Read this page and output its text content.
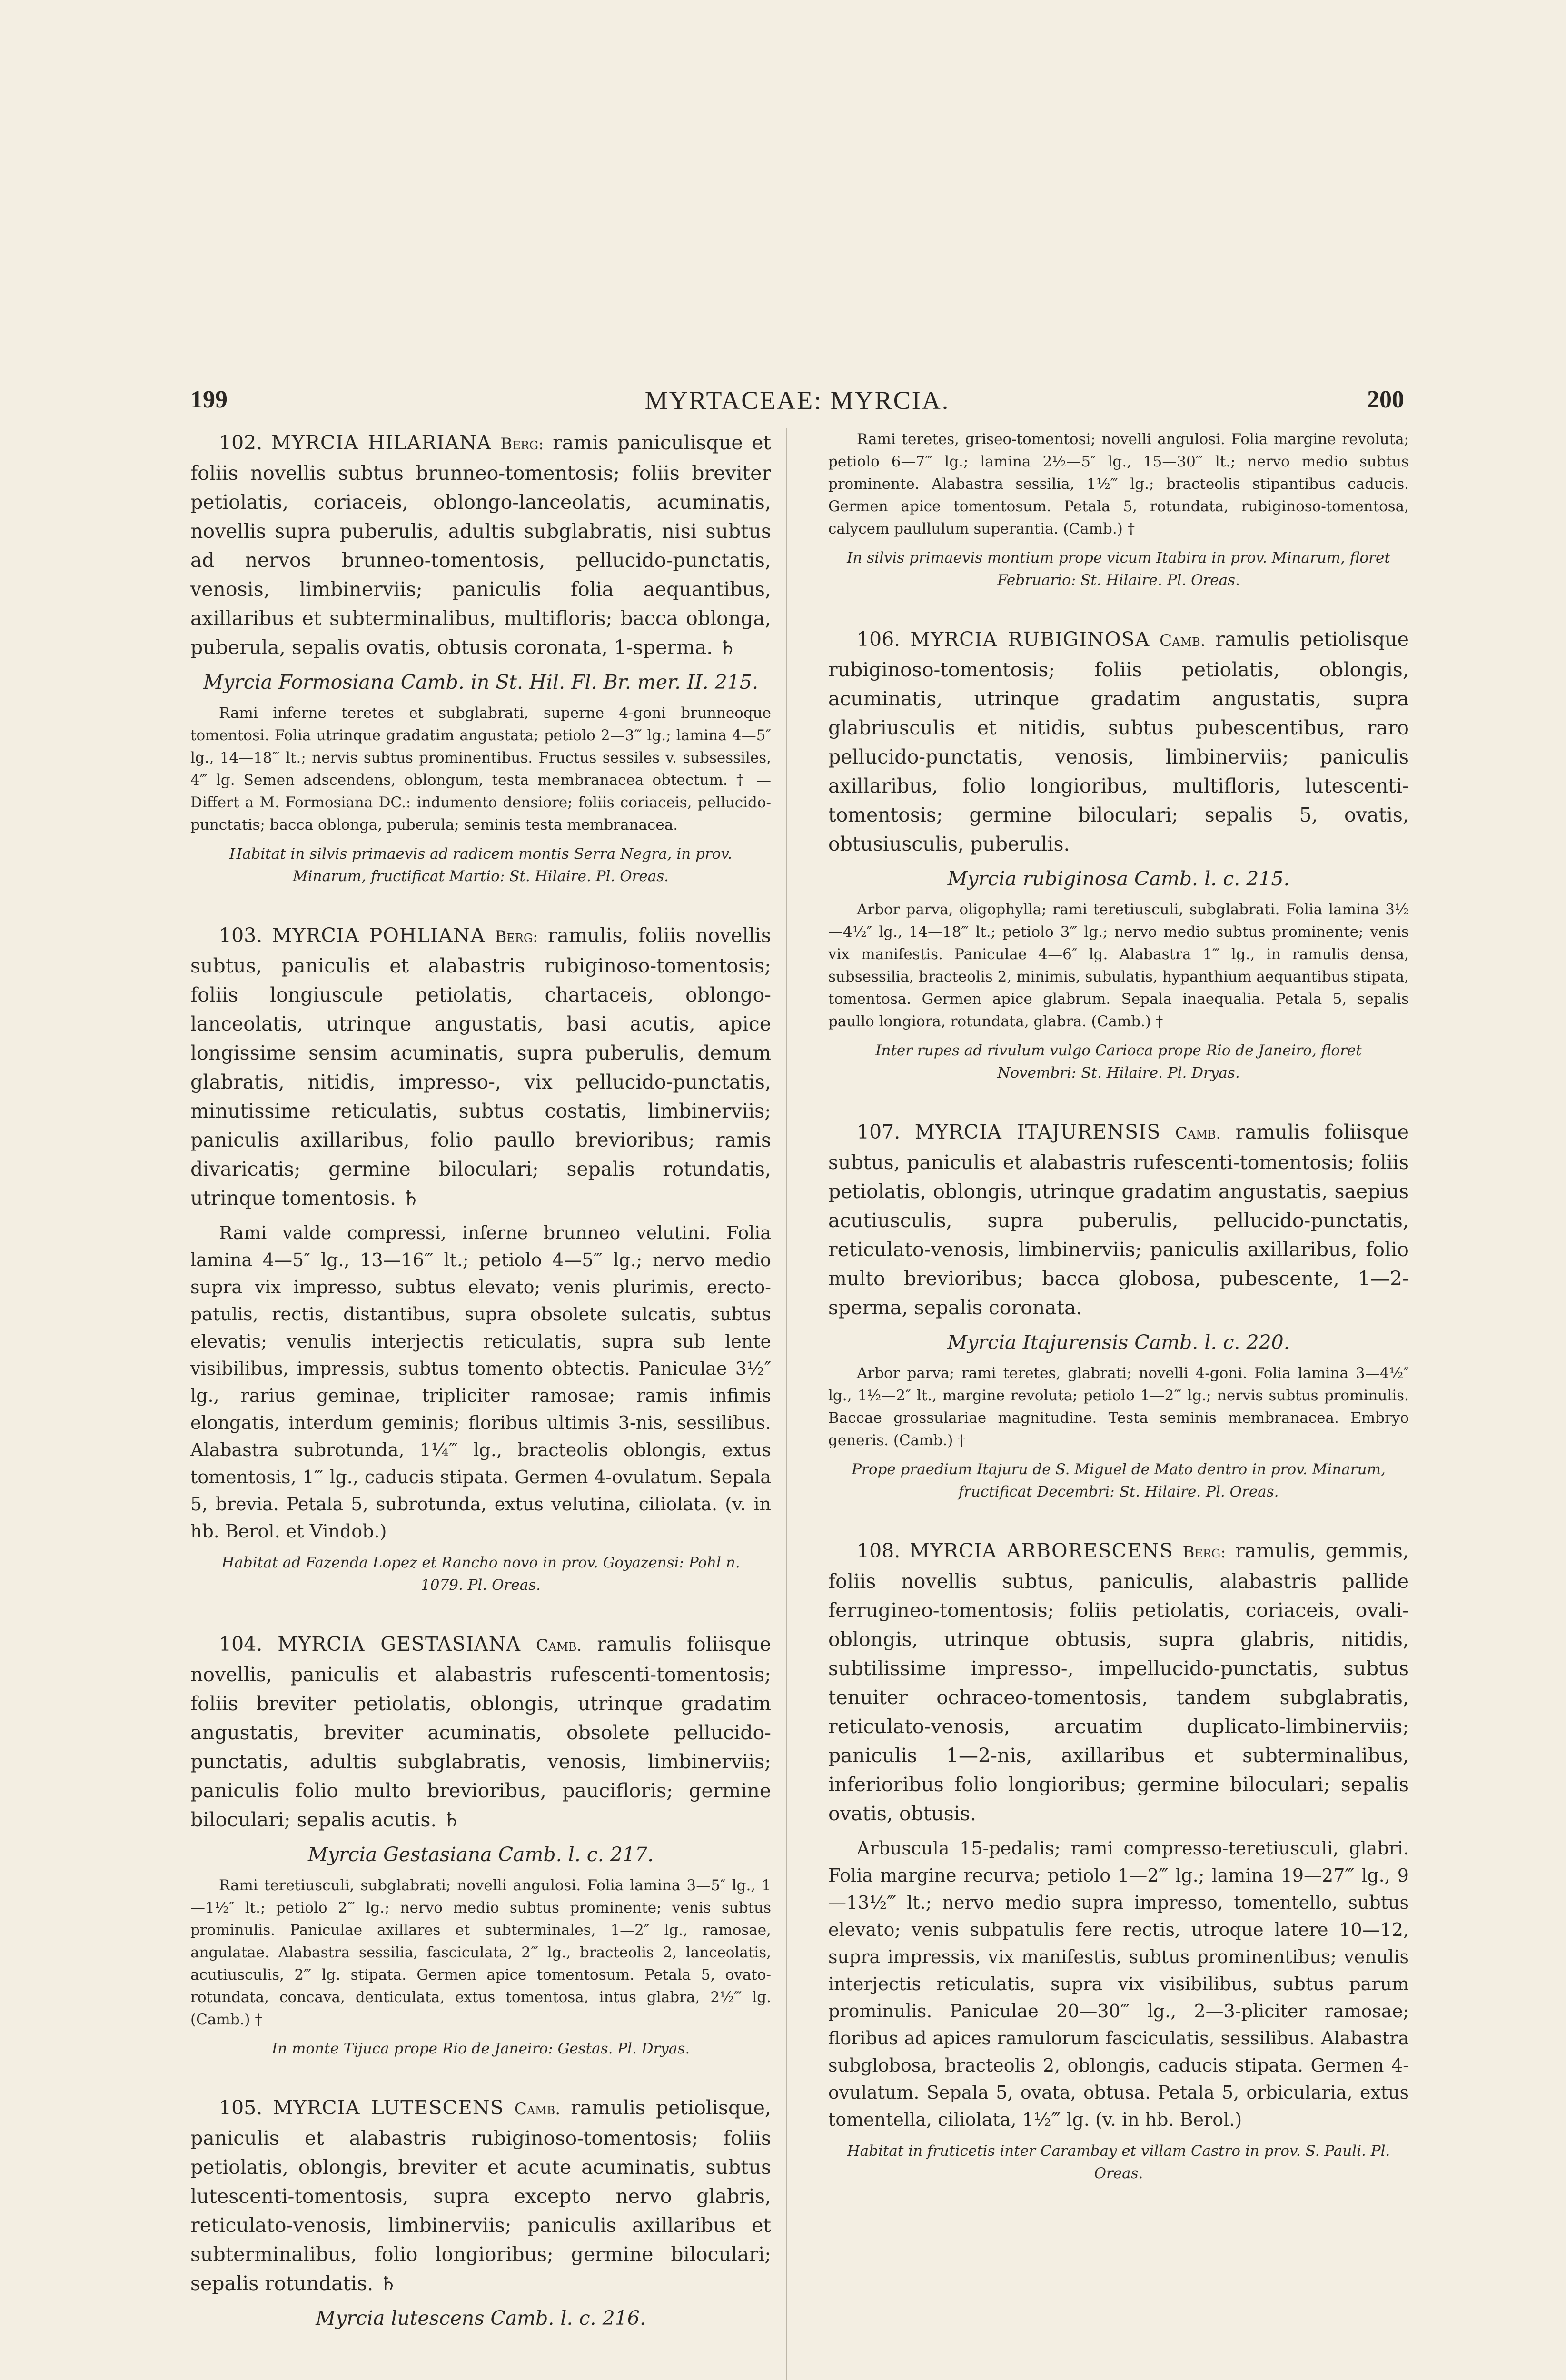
199	MYRTACEAE: MYRCIA.	200

102. MYRCIA HILARIANA Berg: ramis paniculisque et foliis novellis subtus brunneo-tomentosis; foliis breviter petiolatis, coriaceis, oblongo-lanceolatis, acuminatis, novellis supra puberulis, adultis subglabratis, nisi subtus ad nervos brunneo-tomentosis, pellucido-punctatis, venosis, limbinerviis; paniculis folia aequantibus, axillaribus et subterminalibus, multifloris; bacca oblonga, puberula, sepalis ovatis, obtusis coronata, 1-sperma. ♄

Myrcia Formosiana Camb. in St. Hil. Fl. Br. mer. II. 215.

Rami inferne teretes et subglabrati, superne 4-goni brunneoque tomentosi. Folia utrinque gradatim angustata; petiolo 2—3‴ lg.; lamina 4—5″ lg., 14—18‴ lt.; nervis subtus prominentibus. Fructus sessiles v. subsessiles, 4‴ lg. Semen adscendens, oblongum, testa membranacea obtectum. † — Differt a M. Formosiana DC.: indumento densiore; foliis coriaceis, pellucido-punctatis; bacca oblonga, puberula; seminis testa membranacea.

Habitat in silvis primaevis ad radicem montis Serra Negra, in prov. Minarum, fructificat Martio: St. Hilaire. Pl. Oreas.

103. MYRCIA POHLIANA Berg: ramulis, foliis novellis subtus, paniculis et alabastris rubiginoso-tomentosis; foliis longiuscule petiolatis, chartaceis, oblongo-lanceolatis, utrinque angustatis, basi acutis, apice longissime sensim acuminatis, supra puberulis, demum glabratis, nitidis, impresso-, vix pellucido-punctatis, minutissime reticulatis, subtus costatis, limbinerviis; paniculis axillaribus, folio paullo brevioribus; ramis divaricatis; germine biloculari; sepalis rotundatis, utrinque tomentosis. ♄

Rami valde compressi, inferne brunneo velutini. Folia lamina 4—5″ lg., 13—16‴ lt.; petiolo 4—5‴ lg.; nervo medio supra vix impresso, subtus elevato; venis plurimis, erecto-patulis, rectis, distantibus, supra obsolete sulcatis, subtus elevatis; venulis interjectis reticulatis, supra sub lente visibilibus, impressis, subtus tomento obtectis. Paniculae 3½″ lg., rarius geminae, tripliciter ramosae; ramis infimis elongatis, interdum geminis; floribus ultimis 3-nis, sessilibus. Alabastra subrotunda, 1¼‴ lg., bracteolis oblongis, extus tomentosis, 1‴ lg., caducis stipata. Germen 4-ovulatum. Sepala 5, brevia. Petala 5, subrotunda, extus velutina, ciliolata. (v. in hb. Berol. et Vindob.)

Habitat ad Fazenda Lopez et Rancho novo in prov. Goyazensi: Pohl n. 1079. Pl. Oreas.

104. MYRCIA GESTASIANA Camb. ramulis foliisque novellis, paniculis et alabastris rufescenti-tomentosis; foliis breviter petiolatis, oblongis, utrinque gradatim angustatis, breviter acuminatis, obsolete pellucido-punctatis, adultis subglabratis, venosis, limbinerviis; paniculis folio multo brevioribus, paucifloris; germine biloculari; sepalis acutis. ♄

Myrcia Gestasiana Camb. l. c. 217.

Rami teretiusculi, subglabrati; novelli angulosi. Folia lamina 3—5″ lg., 1—1½″ lt.; petiolo 2‴ lg.; nervo medio subtus prominente; venis subtus prominulis. Paniculae axillares et subterminales, 1—2″ lg., ramosae, angulatae. Alabastra sessilia, fasciculata, 2‴ lg., bracteolis 2, lanceolatis, acutiusculis, 2‴ lg. stipata. Germen apice tomentosum. Petala 5, ovato-rotundata, concava, denticulata, extus tomentosa, intus glabra, 2½‴ lg. (Camb.) †

In monte Tijuca prope Rio de Janeiro: Gestas. Pl. Dryas.

105. MYRCIA LUTESCENS Camb. ramulis petiolisque, paniculis et alabastris rubiginoso-tomentosis; foliis petiolatis, oblongis, breviter et acute acuminatis, subtus lutescenti-tomentosis, supra excepto nervo glabris, reticulato-venosis, limbinerviis; paniculis axillaribus et subterminalibus, folio longioribus; germine biloculari; sepalis rotundatis. ♄

Myrcia lutescens Camb. l. c. 216.

Rami teretes, griseo-tomentosi; novelli angulosi. Folia margine revoluta; petiolo 6—7‴ lg.; lamina 2½—5″ lg., 15—30‴ lt.; nervo medio subtus prominente. Alabastra sessilia, 1½‴ lg.; bracteolis stipantibus caducis. Germen apice tomentosum. Petala 5, rotundata, rubiginoso-tomentosa, calycem paullulum superantia. (Camb.) †

In silvis primaevis montium prope vicum Itabira in prov. Minarum, floret Februario: St. Hilaire. Pl. Oreas.

106. MYRCIA RUBIGINOSA Camb. ramulis petiolisque rubiginoso-tomentosis; foliis petiolatis, oblongis, acuminatis, utrinque gradatim angustatis, supra glabriusculis et nitidis, subtus pubescentibus, raro pellucido-punctatis, venosis, limbinerviis; paniculis axillaribus, folio longioribus, multifloris, lutescenti-tomentosis; germine biloculari; sepalis 5, ovatis, obtusiusculis, puberulis.

Myrcia rubiginosa Camb. l. c. 215.

Arbor parva, oligophylla; rami teretiusculi, subglabrati. Folia lamina 3½—4½″ lg., 14—18‴ lt.; petiolo 3‴ lg.; nervo medio subtus prominente; venis vix manifestis. Paniculae 4—6″ lg. Alabastra 1‴ lg., in ramulis densa, subsessilia, bracteolis 2, minimis, subulatis, hypanthium aequantibus stipata, tomentosa. Germen apice glabrum. Sepala inaequalia. Petala 5, sepalis paullo longiora, rotundata, glabra. (Camb.) †

Inter rupes ad rivulum vulgo Carioca prope Rio de Janeiro, floret Novembri: St. Hilaire. Pl. Dryas.

107. MYRCIA ITAJURENSIS Camb. ramulis foliisque subtus, paniculis et alabastris rufescenti-tomentosis; foliis petiolatis, oblongis, utrinque gradatim angustatis, saepius acutiusculis, supra puberulis, pellucido-punctatis, reticulato-venosis, limbinerviis; paniculis axillaribus, folio multo brevioribus; bacca globosa, pubescente, 1—2-sperma, sepalis coronata.

Myrcia Itajurensis Camb. l. c. 220.

Arbor parva; rami teretes, glabrati; novelli 4-goni. Folia lamina 3—4½″ lg., 1½—2″ lt., margine revoluta; petiolo 1—2‴ lg.; nervis subtus prominulis. Baccae grossulariae magnitudine. Testa seminis membranacea. Embryo generis. (Camb.) †

Prope praedium Itajuru de S. Miguel de Mato dentro in prov. Minarum, fructificat Decembri: St. Hilaire. Pl. Oreas.

108. MYRCIA ARBORESCENS Berg: ramulis, gemmis, foliis novellis subtus, paniculis, alabastris pallide ferrugineo-tomentosis; foliis petiolatis, coriaceis, ovali-oblongis, utrinque obtusis, supra glabris, nitidis, subtilissime impresso-, impellucido-punctatis, subtus tenuiter ochraceo-tomentosis, tandem subglabratis, reticulato-venosis, arcuatim duplicato-limbinerviis; paniculis 1—2-nis, axillaribus et subterminalibus, inferioribus folio longioribus; germine biloculari; sepalis ovatis, obtusis.

Arbuscula 15-pedalis; rami compresso-teretiusculi, glabri. Folia margine recurva; petiolo 1—2‴ lg.; lamina 19—27‴ lg., 9—13½‴ lt.; nervo medio supra impresso, tomentello, subtus elevato; venis subpatulis fere rectis, utroque latere 10—12, supra impressis, vix manifestis, subtus prominentibus; venulis interjectis reticulatis, supra vix visibilibus, subtus parum prominulis. Paniculae 20—30‴ lg., 2—3-pliciter ramosae; floribus ad apices ramulorum fasciculatis, sessilibus. Alabastra subglobosa, bracteolis 2, oblongis, caducis stipata. Germen 4-ovulatum. Sepala 5, ovata, obtusa. Petala 5, orbicularia, extus tomentella, ciliolata, 1½‴ lg. (v. in hb. Berol.)

Habitat in fruticetis inter Carambay et villam Castro in prov. S. Pauli. Pl. Oreas.
